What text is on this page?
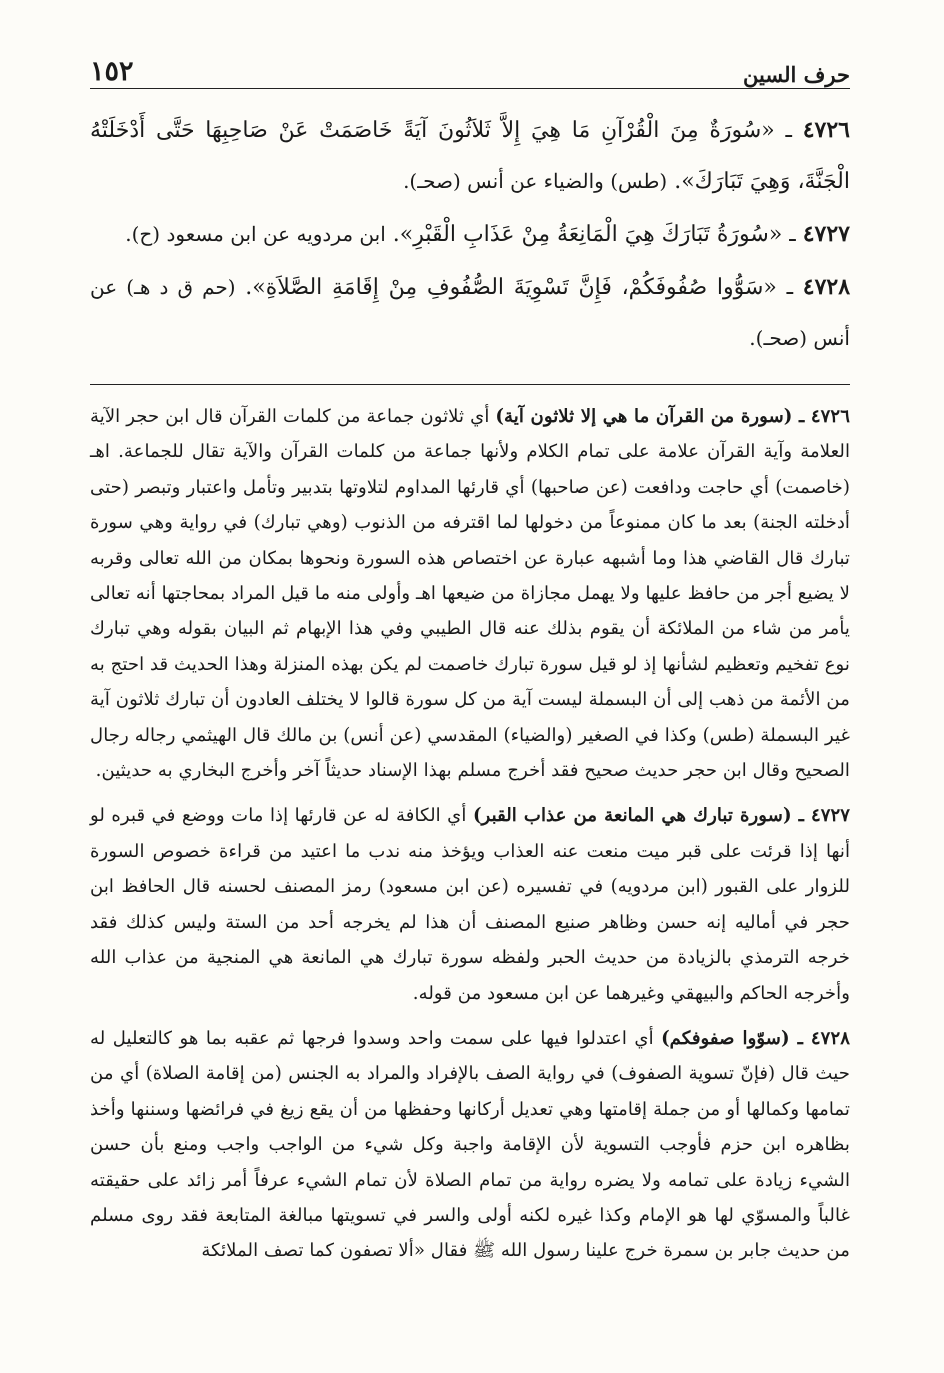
حرف السين
١٥٢

٤٧٢٦ ـ «سُورَةٌ مِنَ الْقُرْآنِ مَا هِيَ إِلاَّ ثَلاَثُونَ آيَةً خَاصَمَتْ عَنْ صَاحِبِهَا حَتَّى أَدْخَلَتْهُ الْجَنَّةَ، وَهِيَ تَبَارَكَ». (طس) والضياء عن أنس (صحـ).

٤٧٢٧ ـ «سُورَةُ تَبَارَكَ هِيَ الْمَانِعَةُ مِنْ عَذَابِ الْقَبْرِ». ابن مردويه عن ابن مسعود (ح).

٤٧٢٨ ـ «سَوُّوا صُفُوفَكُمْ، فَإِنَّ تَسْوِيَةَ الصُّفُوفِ مِنْ إِقَامَةِ الصَّلاَةِ». (حم ق د هـ) عن أنس (صحـ).

٤٧٢٦ ـ (سورة من القرآن ما هي إلا ثلاثون آية) أي ثلاثون جماعة من كلمات القرآن قال ابن حجر الآية العلامة وآية القرآن علامة على تمام الكلام ولأنها جماعة من كلمات القرآن والآية تقال للجماعة. اهـ (خاصمت) أي حاجت ودافعت (عن صاحبها) أي قارئها المداوم لتلاوتها بتدبير وتأمل واعتبار وتبصر (حتى أدخلته الجنة) بعد ما كان ممنوعاً من دخولها لما اقترفه من الذنوب (وهي تبارك) في رواية وهي سورة تبارك قال القاضي هذا وما أشبهه عبارة عن اختصاص هذه السورة ونحوها بمكان من الله تعالى وقربه لا يضيع أجر من حافظ عليها ولا يهمل مجازاة من ضيعها اهـ وأولى منه ما قيل المراد بمحاجتها أنه تعالى يأمر من شاء من الملائكة أن يقوم بذلك عنه قال الطيبي وفي هذا الإبهام ثم البيان بقوله وهي تبارك نوع تفخيم وتعظيم لشأنها إذ لو قيل سورة تبارك خاصمت لم يكن بهذه المنزلة وهذا الحديث قد احتج به من الأئمة من ذهب إلى أن البسملة ليست آية من كل سورة قالوا لا يختلف العادون أن تبارك ثلاثون آية غير البسملة (طس) وكذا في الصغير (والضياء) المقدسي (عن أنس) بن مالك قال الهيثمي رجاله رجال الصحيح وقال ابن حجر حديث صحيح فقد أخرج مسلم بهذا الإسناد حديثاً آخر وأخرج البخاري به حديثين.

٤٧٢٧ ـ (سورة تبارك هي المانعة من عذاب القبر) أي الكافة له عن قارئها إذا مات ووضع في قبره لو أنها إذا قرئت على قبر ميت منعت عنه العذاب ويؤخذ منه ندب ما اعتيد من قراءة خصوص السورة للزوار على القبور (ابن مردويه) في تفسيره (عن ابن مسعود) رمز المصنف لحسنه قال الحافظ ابن حجر في أماليه إنه حسن وظاهر صنيع المصنف أن هذا لم يخرجه أحد من الستة وليس كذلك فقد خرجه الترمذي بالزيادة من حديث الحبر ولفظه سورة تبارك هي المانعة هي المنجية من عذاب الله وأخرجه الحاكم والبيهقي وغيرهما عن ابن مسعود من قوله.

٤٧٢٨ ـ (سوّوا صفوفكم) أي اعتدلوا فيها على سمت واحد وسدوا فرجها ثم عقبه بما هو كالتعليل له حيث قال (فإنّ تسوية الصفوف) في رواية الصف بالإفراد والمراد به الجنس (من إقامة الصلاة) أي من تمامها وكمالها أو من جملة إقامتها وهي تعديل أركانها وحفظها من أن يقع زيغ في فرائضها وسننها وأخذ بظاهره ابن حزم فأوجب التسوية لأن الإقامة واجبة وكل شيء من الواجب واجب ومنع بأن حسن الشيء زيادة على تمامه ولا يضره رواية من تمام الصلاة لأن تمام الشيء عرفاً أمر زائد على حقيقته غالباً والمسوّي لها هو الإمام وكذا غيره لكنه أولى والسر في تسويتها مبالغة المتابعة فقد روى مسلم من حديث جابر بن سمرة خرج علينا رسول الله ﷺ فقال «ألا تصفون كما تصف الملائكة
